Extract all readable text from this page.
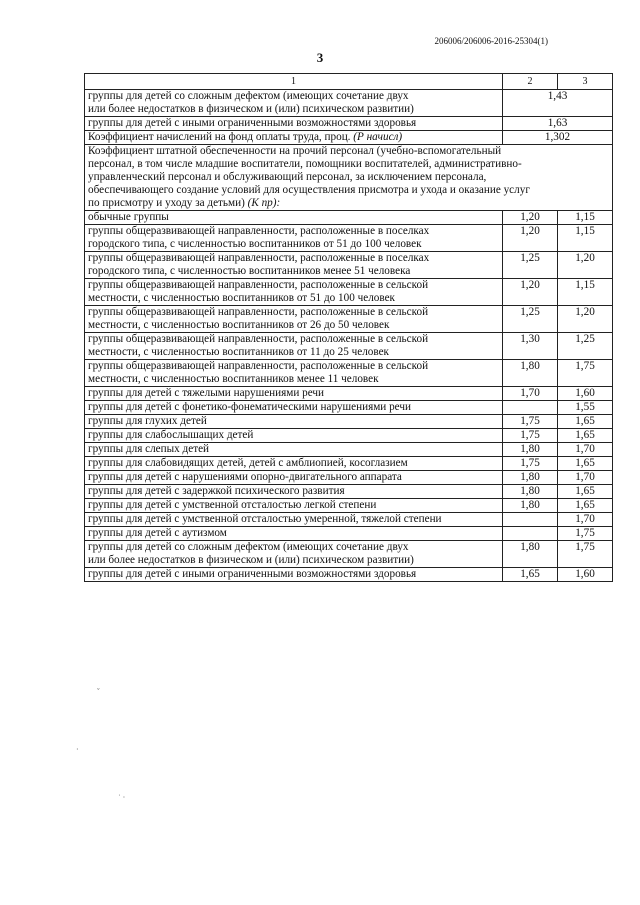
206006/206006-2016-25304(1)
3
1	2	3
группы для детей со сложным дефектом (имеющих сочетание двух
или более недостатков в физическом и (или) психическом развитии)	1,43	
группы для детей с иными ограниченными возможностями здоровья	1,63	
Коэффициент начислений на фонд оплаты труда, проц. (Р начисл)	1,302	
Коэффициент штатной обеспеченности на прочий персонал (учебно-вспомогательный
персонал, в том числе младшие воспитатели, помощники воспитателей, административно-
управленческий персонал и обслуживающий персонал, за исключением персонала,
обеспечивающего создание условий для осуществления присмотра и ухода и оказание услуг
по присмотру и уходу за детьми) (К пр):		
обычные группы	1,20	1,15
группы общеразвивающей направленности, расположенные в поселках
городского типа, с численностью воспитанников от 51 до 100 человек	1,20	1,15
группы общеразвивающей направленности, расположенные в поселках
городского типа, с численностью воспитанников менее 51 человека	1,25	1,20
группы общеразвивающей направленности, расположенные в сельской
местности, с численностью воспитанников от 51 до 100 человек	1,20	1,15
группы общеразвивающей направленности, расположенные в сельской
местности, с численностью воспитанников от 26 до 50 человек	1,25	1,20
группы общеразвивающей направленности, расположенные в сельской
местности, с численностью воспитанников от 11 до 25 человек	1,30	1,25
группы общеразвивающей направленности, расположенные в сельской
местности, с численностью воспитанников менее 11 человек	1,80	1,75
группы для детей с тяжелыми нарушениями речи	1,70	1,60
группы для детей с фонетико-фонематическими нарушениями речи		1,55
группы для глухих детей	1,75	1,65
группы для слабослышащих детей	1,75	1,65
группы для слепых детей	1,80	1,70
группы для слабовидящих детей, детей с амблиопией, косоглазием	1,75	1,65
группы для детей с нарушениями опорно-двигательного аппарата	1,80	1,70
группы для детей с задержкой психического развития	1,80	1,65
группы для детей с умственной отсталостью легкой степени	1,80	1,65
группы для детей с умственной отсталостью умеренной, тяжелой степени		1,70
группы для детей с аутизмом		1,75
группы для детей со сложным дефектом (имеющих сочетание двух
или более недостатков в физическом и (или) психическом развитии)	1,80	1,75
группы для детей с иными ограниченными возможностями здоровья	1,65	1,60
ˇ
·
˙ ·
